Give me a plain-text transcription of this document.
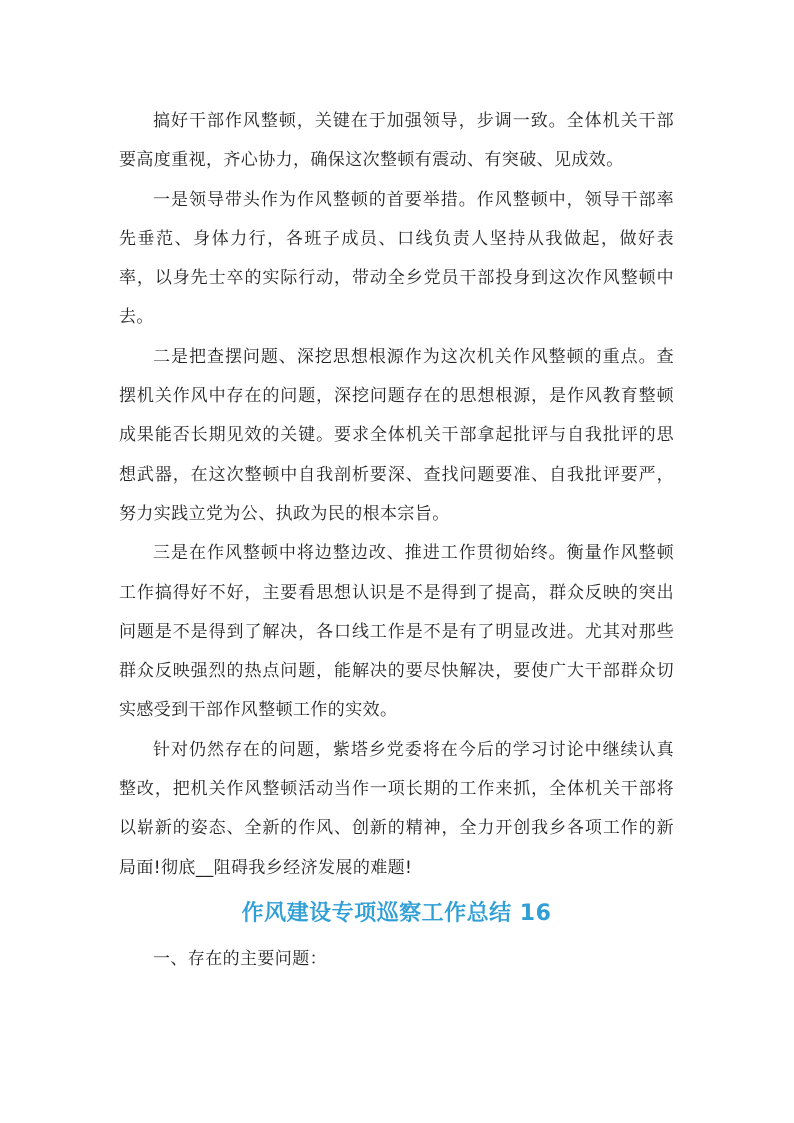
搞好干部作风整顿，关键在于加强领导，步调一致。全体机关干部要高度重视，齐心协力，确保这次整顿有震动、有突破、见成效。

一是领导带头作为作风整顿的首要举措。作风整顿中，领导干部率先垂范、身体力行，各班子成员、口线负责人坚持从我做起，做好表率，以身先士卒的实际行动，带动全乡党员干部投身到这次作风整顿中去。

二是把查摆问题、深挖思想根源作为这次机关作风整顿的重点。查摆机关作风中存在的问题，深挖问题存在的思想根源，是作风教育整顿成果能否长期见效的关键。要求全体机关干部拿起批评与自我批评的思想武器，在这次整顿中自我剖析要深、查找问题要准、自我批评要严，努力实践立党为公、执政为民的根本宗旨。

三是在作风整顿中将边整边改、推进工作贯彻始终。衡量作风整顿工作搞得好不好，主要看思想认识是不是得到了提高，群众反映的突出问题是不是得到了解决，各口线工作是不是有了明显改进。尤其对那些群众反映强烈的热点问题，能解决的要尽快解决，要使广大干部群众切实感受到干部作风整顿工作的实效。

针对仍然存在的问题，紫塔乡党委将在今后的学习讨论中继续认真整改，把机关作风整顿活动当作一项长期的工作来抓，全体机关干部将以崭新的姿态、全新的作风、创新的精神，全力开创我乡各项工作的新局面!彻底__阻碍我乡经济发展的难题!

作风建设专项巡察工作总结 16

一、存在的主要问题：
